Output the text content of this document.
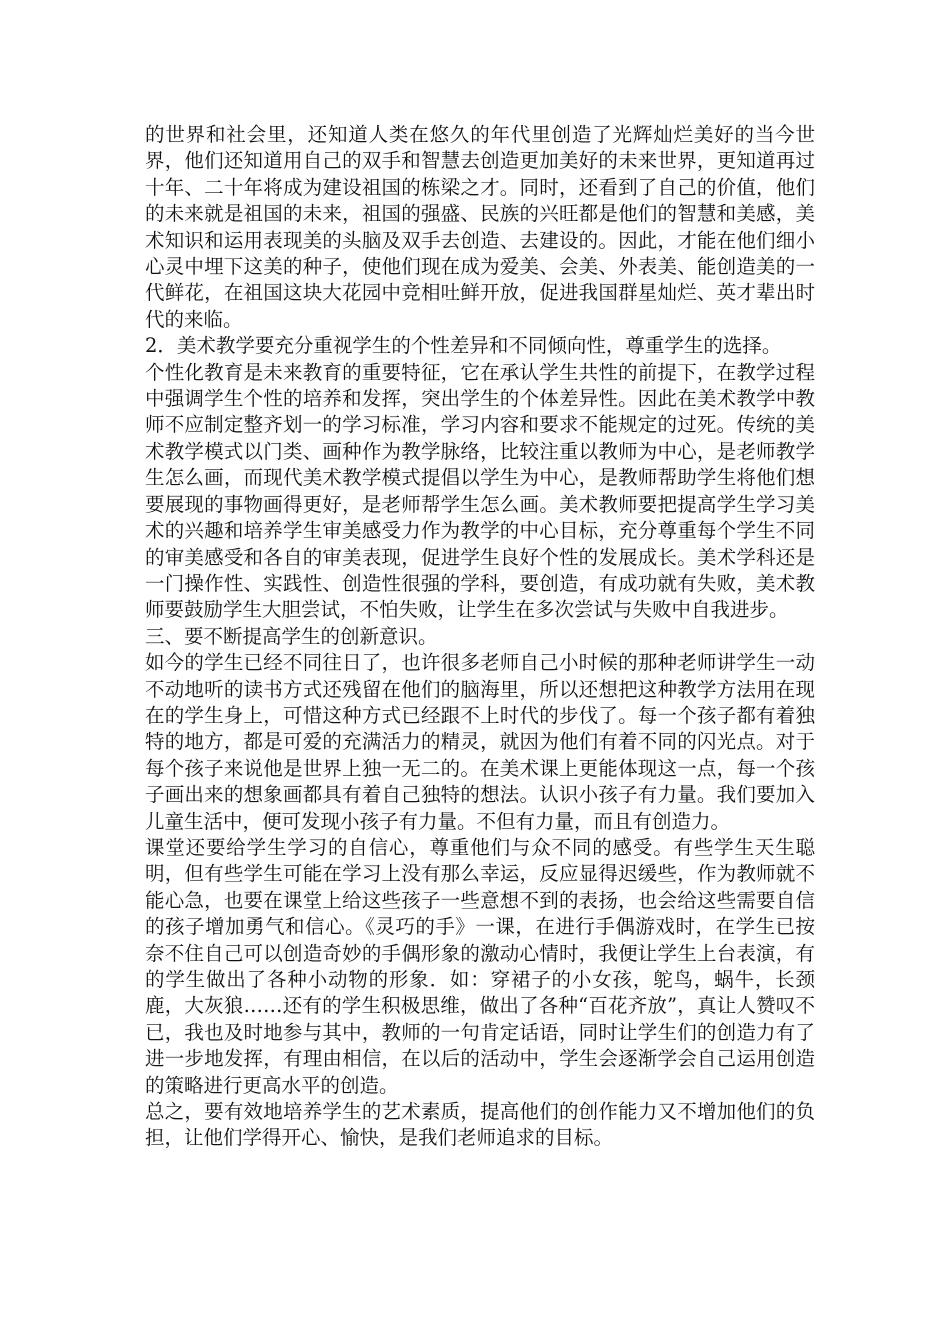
的世界和社会里，还知道人类在悠久的年代里创造了光辉灿烂美好的当今世界，他们还知道用自己的双手和智慧去创造更加美好的未来世界，更知道再过十年、二十年将成为建设祖国的栋梁之才。同时，还看到了自己的价值，他们的未来就是祖国的未来，祖国的强盛、民族的兴旺都是他们的智慧和美感，美术知识和运用表现美的头脑及双手去创造、去建设的。因此，才能在他们细小心灵中埋下这美的种子，使他们现在成为爱美、会美、外表美、能创造美的一代鲜花，在祖国这块大花园中竞相吐鲜开放，促进我国群星灿烂、英才辈出时代的来临。

2．美术教学要充分重视学生的个性差异和不同倾向性，尊重学生的选择。

个性化教育是未来教育的重要特征，它在承认学生共性的前提下，在教学过程中强调学生个性的培养和发挥，突出学生的个体差异性。因此在美术教学中教师不应制定整齐划一的学习标准，学习内容和要求不能规定的过死。传统的美术教学模式以门类、画种作为教学脉络，比较注重以教师为中心，是老师教学生怎么画，而现代美术教学模式提倡以学生为中心，是教师帮助学生将他们想要展现的事物画得更好，是老师帮学生怎么画。美术教师要把提高学生学习美术的兴趣和培养学生审美感受力作为教学的中心目标，充分尊重每个学生不同的审美感受和各自的审美表现，促进学生良好个性的发展成长。美术学科还是一门操作性、实践性、创造性很强的学科，要创造，有成功就有失败，美术教师要鼓励学生大胆尝试，不怕失败，让学生在多次尝试与失败中自我进步。

三、要不断提高学生的创新意识。

如今的学生已经不同往日了，也许很多老师自己小时候的那种老师讲学生一动不动地听的读书方式还残留在他们的脑海里，所以还想把这种教学方法用在现在的学生身上，可惜这种方式已经跟不上时代的步伐了。每一个孩子都有着独特的地方，都是可爱的充满活力的精灵，就因为他们有着不同的闪光点。对于每个孩子来说他是世界上独一无二的。在美术课上更能体现这一点，每一个孩子画出来的想象画都具有着自己独特的想法。认识小孩子有力量。我们要加入儿童生活中，便可发现小孩子有力量。不但有力量，而且有创造力。

课堂还要给学生学习的自信心，尊重他们与众不同的感受。有些学生天生聪明，但有些学生可能在学习上没有那么幸运，反应显得迟缓些，作为教师就不能心急，也要在课堂上给这些孩子一些意想不到的表扬，也会给这些需要自信的孩子增加勇气和信心。《灵巧的手》一课，在进行手偶游戏时，在学生已按奈不住自己可以创造奇妙的手偶形象的激动心情时，我便让学生上台表演，有的学生做出了各种小动物的形象．如：穿裙子的小女孩，鸵鸟，蜗牛，长颈鹿，大灰狼……还有的学生积极思维，做出了各种“百花齐放”，真让人赞叹不已，我也及时地参与其中，教师的一句肯定话语，同时让学生们的创造力有了进一步地发挥，有理由相信，在以后的活动中，学生会逐渐学会自己运用创造的策略进行更高水平的创造。

总之，要有效地培养学生的艺术素质，提高他们的创作能力又不增加他们的负担，让他们学得开心、愉快，是我们老师追求的目标。
